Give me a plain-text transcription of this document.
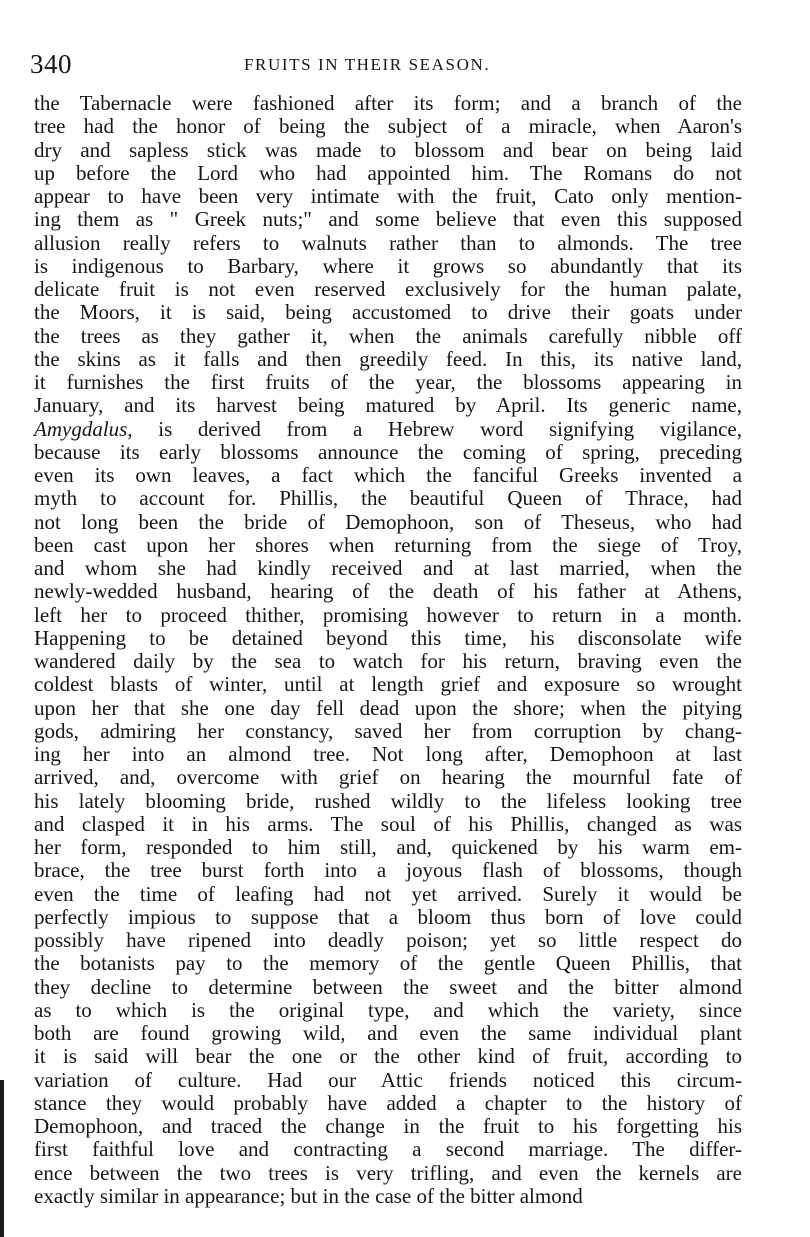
340	FRUITS IN THEIR SEASON.
the Tabernacle were fashioned after its form; and a branch of the
tree had the honor of being the subject of a miracle, when Aaron's
dry and sapless stick was made to blossom and bear on being laid
up before the Lord who had appointed him. The Romans do not
appear to have been very intimate with the fruit, Cato only mention-
ing them as " Greek nuts;" and some believe that even this supposed
allusion really refers to walnuts rather than to almonds. The tree
is indigenous to Barbary, where it grows so abundantly that its
delicate fruit is not even reserved exclusively for the human palate,
the Moors, it is said, being accustomed to drive their goats under
the trees as they gather it, when the animals carefully nibble off
the skins as it falls and then greedily feed. In this, its native land,
it furnishes the first fruits of the year, the blossoms appearing in
January, and its harvest being matured by April. Its generic name,
Amygdalus, is derived from a Hebrew word signifying vigilance,
because its early blossoms announce the coming of spring, preceding
even its own leaves, a fact which the fanciful Greeks invented a
myth to account for. Phillis, the beautiful Queen of Thrace, had
not long been the bride of Demophoon, son of Theseus, who had
been cast upon her shores when returning from the siege of Troy,
and whom she had kindly received and at last married, when the
newly-wedded husband, hearing of the death of his father at Athens,
left her to proceed thither, promising however to return in a month.
Happening to be detained beyond this time, his disconsolate wife
wandered daily by the sea to watch for his return, braving even the
coldest blasts of winter, until at length grief and exposure so wrought
upon her that she one day fell dead upon the shore; when the pitying
gods, admiring her constancy, saved her from corruption by chang-
ing her into an almond tree. Not long after, Demophoon at last
arrived, and, overcome with grief on hearing the mournful fate of
his lately blooming bride, rushed wildly to the lifeless looking tree
and clasped it in his arms. The soul of his Phillis, changed as was
her form, responded to him still, and, quickened by his warm em-
brace, the tree burst forth into a joyous flash of blossoms, though
even the time of leafing had not yet arrived. Surely it would be
perfectly impious to suppose that a bloom thus born of love could
possibly have ripened into deadly poison; yet so little respect do
the botanists pay to the memory of the gentle Queen Phillis, that
they decline to determine between the sweet and the bitter almond
as to which is the original type, and which the variety, since
both are found growing wild, and even the same individual plant
it is said will bear the one or the other kind of fruit, according to
variation of culture. Had our Attic friends noticed this circum-
stance they would probably have added a chapter to the history of
Demophoon, and traced the change in the fruit to his forgetting his
first faithful love and contracting a second marriage. The differ-
ence between the two trees is very trifling, and even the kernels are
exactly similar in appearance; but in the case of the bitter almond
